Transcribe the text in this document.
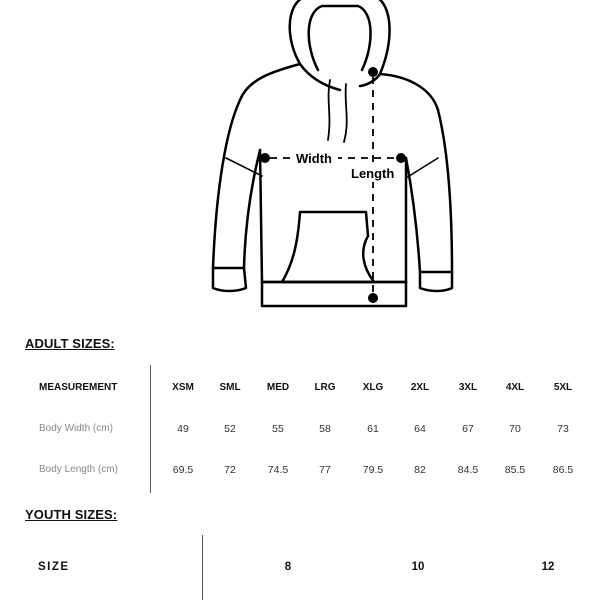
Width
Length
ADULT SIZES:
MEASUREMENT	XSM	SML	MED	LRG	XLG	2XL	3XL	4XL	5XL
Body Width (cm)	49	52	55	58	61	64	67	70	73
Body Length (cm)	69.5	72	74.5	77	79.5	82	84.5	85.5	86.5
YOUTH SIZES:
SIZE	8	10	12
